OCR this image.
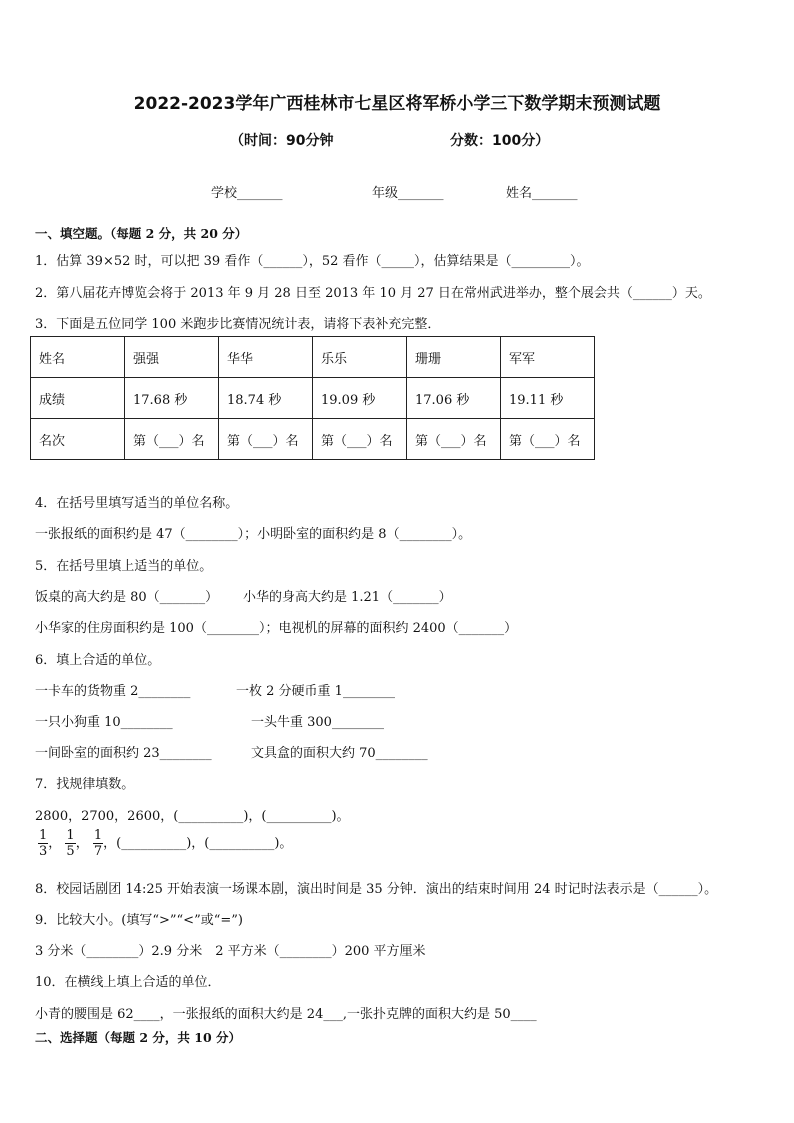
2022-2023学年广西桂林市七星区将军桥小学三下数学期末预测试题
（时间：90分钟	分数：100分）
学校_______	年级_______	姓名_______
一、填空题。（每题 2 分，共 20 分）
1．估算 39×52 时，可以把 39 看作（______），52 看作（_____），估算结果是（_________）。
2．第八届花卉博览会将于 2013 年 9 月 28 日至 2013 年 10 月 27 日在常州武进举办，整个展会共（______）天。
3．下面是五位同学 100 米跑步比赛情况统计表，请将下表补充完整．
姓名	强强	华华	乐乐	珊珊	军军
成绩	17.68 秒	18.74 秒	19.09 秒	17.06 秒	19.11 秒
名次	第（___）名	第（___）名	第（___）名	第（___）名	第（___）名
4．在括号里填写适当的单位名称。
一张报纸的面积约是 47（________）；小明卧室的面积约是 8（________）。
5．在括号里填上适当的单位。
饭桌的高大约是 80（_______） 小华的身高大约是 1.21（_______）
小华家的住房面积约是 100（________）；电视机的屏幕的面积约 2400（_______）
6．填上合适的单位。
一卡车的货物重 2________	一枚 2 分硬币重 1________
一只小狗重 10________	一头牛重 300________
一间卧室的面积约 23________	文具盒的面积大约 70________
7．找规律填数。
2800，2700，2600，(__________)，(__________)。
$\frac{1}{3}$ ， $\frac{1}{5}$ ， $\frac{1}{7}$ ，(__________)，(__________)。
8．校园话剧团 14:25 开始表演一场课本剧，演出时间是 35 分钟．演出的结束时间用 24 时记时法表示是（______）。
9．比较大小。(填写“>”“<”或“=”)
3 分米（________）2.9 分米　2 平方米（________）200 平方厘米
10．在横线上填上合适的单位．
小青的腰围是 62____，一张报纸的面积大约是 24___,一张扑克牌的面积大约是 50____
二、选择题（每题 2 分，共 10 分）
